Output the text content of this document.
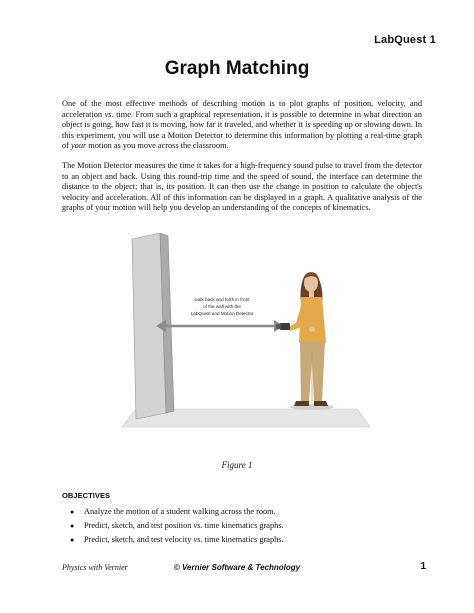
LabQuest 1
Graph Matching

One of the most effective methods of describing motion is to plot graphs of position, velocity, and acceleration vs. time. From such a graphical representation, it is possible to determine in what direction an object is going, how fast it is moving, how far it traveled, and whether it is speeding up or slowing down. In this experiment, you will use a Motion Detector to determine this information by plotting a real-time graph of your motion as you move across the classroom.

The Motion Detector measures the time it takes for a high-frequency sound pulse to travel from the detector to an object and back. Using this round-trip time and the speed of sound, the interface can determine the distance to the object; that is, its position. It can then use the change in position to calculate the object's velocity and acceleration. All of this information can be displayed in a graph. A qualitative analysis of the graphs of your motion will help you develop an understanding of the concepts of kinematics.

walk back and forth in front
of the wall with the
LabQuest and Motion Detector
Figure 1
OBJECTIVES
● Analyze the motion of a student walking across the room.
● Predict, sketch, and test position vs. time kinematics graphs.
● Predict, sketch, and test velocity vs. time kinematics graphs.
Physics with Vernier	© Vernier Software & Technology	1
